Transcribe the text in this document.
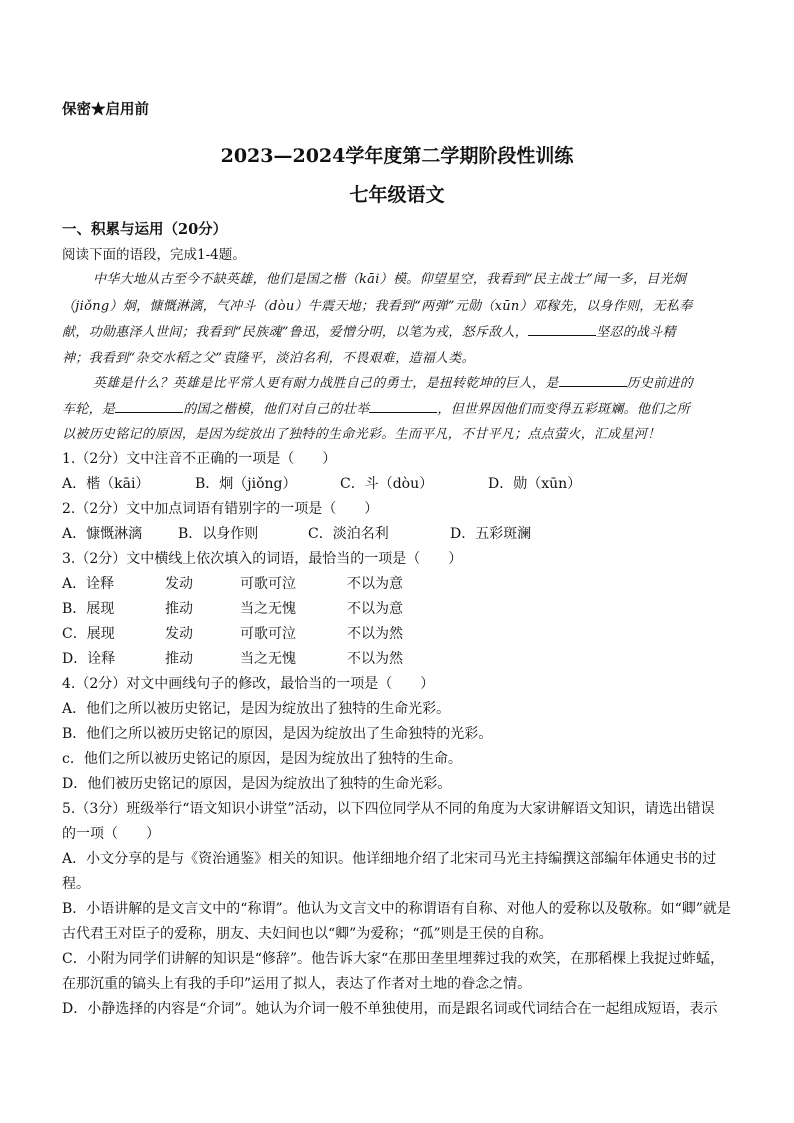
保密★启用前
2023—2024学年度第二学期阶段性训练
七年级语文
一、积累与运用（20分）
阅读下面的语段，完成1-4题。
中华大地从古至今不缺英雄，他们是国之楷（kāi）模。仰望星空，我看到“民主战士”闻一多，目光炯
（jiǒng）炯，慷慨淋漓，气冲斗（dòu）牛震天地；我看到“两弹”元勋（xūn）邓稼先，以身作则，无私奉
献，功勋惠泽人世间；我看到“民族魂”鲁迅，爱憎分明，以笔为戎，怒斥敌人，	坚忍的战斗精
神；我看到“杂交水稻之父”袁隆平，淡泊名利，不畏艰难，造福人类。
英雄是什么？英雄是比平常人更有耐力战胜自己的勇士，是扭转乾坤的巨人，是	历史前进的
车轮，是	的国之楷模，他们对自己的壮举	，但世界因他们而变得五彩斑斓。他们之所
以被历史铭记的原因，是因为绽放出了独特的生命光彩。生而平凡，不甘平凡；点点萤火，汇成星河！
1.（2分）文中注音不正确的一项是（　　）
A．楷（kāi）	B．炯（jiǒng）	C．斗（dòu）	D．勋（xūn）
2.（2分）文中加点词语有错别字的一项是（　　）
A．慷慨淋漓	B．以身作则	C．淡泊名利	D．五彩斑澜
3.（2分）文中横线上依次填入的词语，最恰当的一项是（　　）
A．诠释	发动	可歌可泣	不以为意
B．展现	推动	当之无愧	不以为意
C．展现	发动	可歌可泣	不以为然
D．诠释	推动	当之无愧	不以为然
4.（2分）对文中画线句子的修改，最恰当的一项是（　　）
A．他们之所以被历史铭记，是因为绽放出了独特的生命光彩。
B．他们之所以被历史铭记的原因，是因为绽放出了生命独特的光彩。
c．他们之所以被历史铭记的原因，是因为绽放出了独特的生命。
D．他们被历史铭记的原因，是因为绽放出了独特的生命光彩。
5.（3分）班级举行“语文知识小讲堂”活动，以下四位同学从不同的角度为大家讲解语文知识，请选出错误
的一项（　　）
A．小文分享的是与《资治通鉴》相关的知识。他详细地介绍了北宋司马光主持编撰这部编年体通史书的过
程。
B．小语讲解的是文言文中的“称谓”。他认为文言文中的称谓语有自称、对他人的爱称以及敬称。如“卿”就是
古代君王对臣子的爱称，朋友、夫妇间也以“卿”为爱称；“孤”则是王侯的自称。
C．小附为同学们讲解的知识是“修辞”。他告诉大家“在那田垄里埋葬过我的欢笑，在那稻棵上我捉过蚱蜢，
在那沉重的镐头上有我的手印”运用了拟人，表达了作者对土地的眷念之情。
D．小静选择的内容是“介词”。她认为介词一般不单独使用，而是跟名词或代词结合在一起组成短语，表示
